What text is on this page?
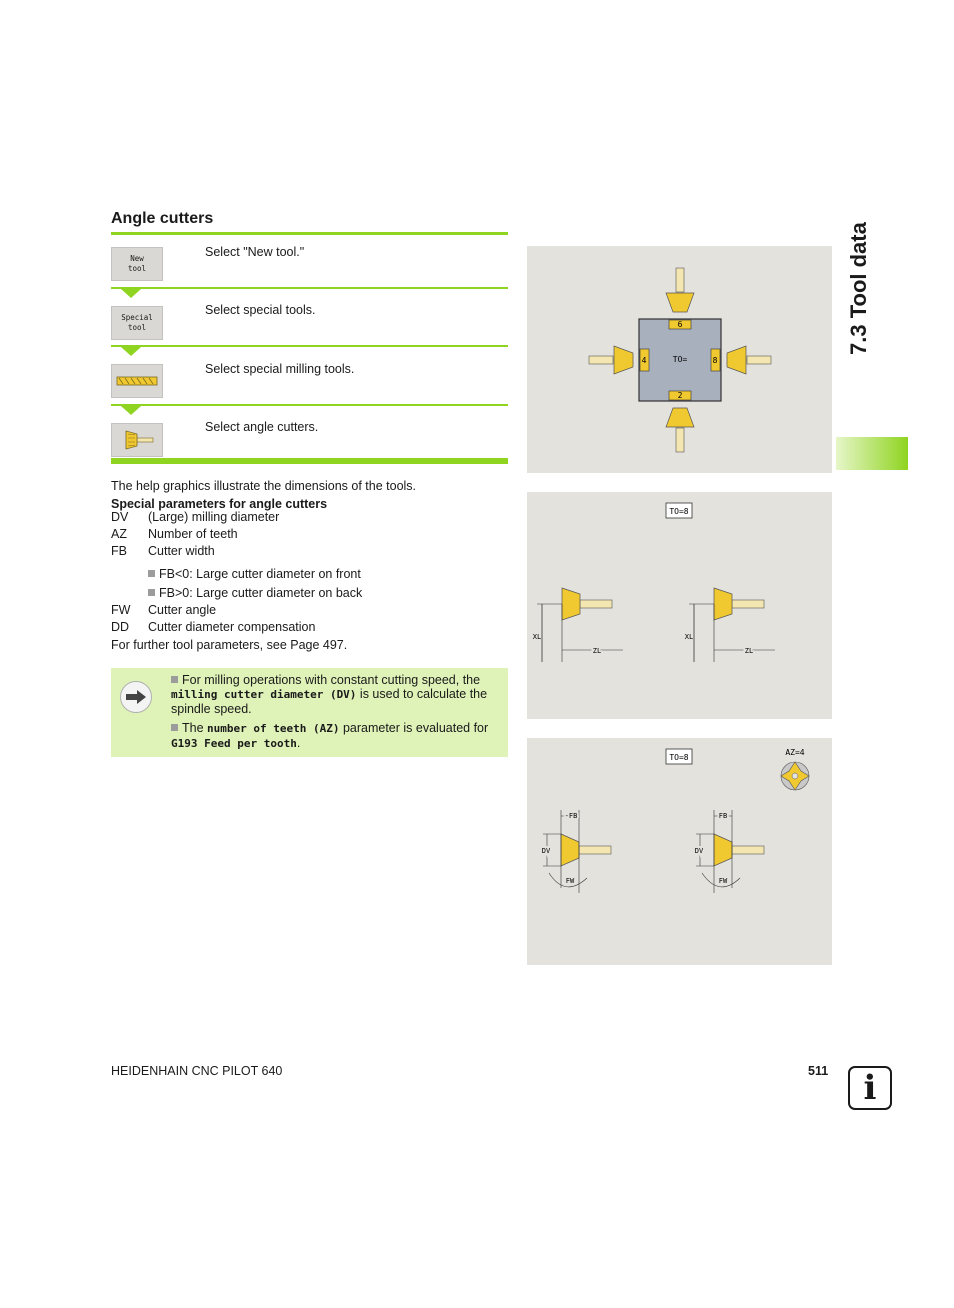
7.3 Tool data
Angle cutters
New
tool
Select "New tool."
Special
tool
Select special tools.
Select special milling tools.
Select angle cutters.
The help graphics illustrate the dimensions of the tools.
Special parameters for angle cutters
DV (Large) milling diameter
AZ Number of teeth
FB Cutter width
FB<0: Large cutter diameter on front
FB>0: Large cutter diameter on back
FW Cutter angle
DD Cutter diameter compensation
For further tool parameters, see Page 497.
For milling operations with constant cutting speed, the milling cutter diameter (DV) is used to calculate the spindle speed.
The number of teeth (AZ) parameter is evaluated for G193 Feed per tooth.
6
2
4	8
TO=
TO=8
XL
ZL
XL
ZL
TO=8
AZ=4
-FB
DV
FW
FB
DV
FW
HEIDENHAIN CNC PILOT 640	511	i
